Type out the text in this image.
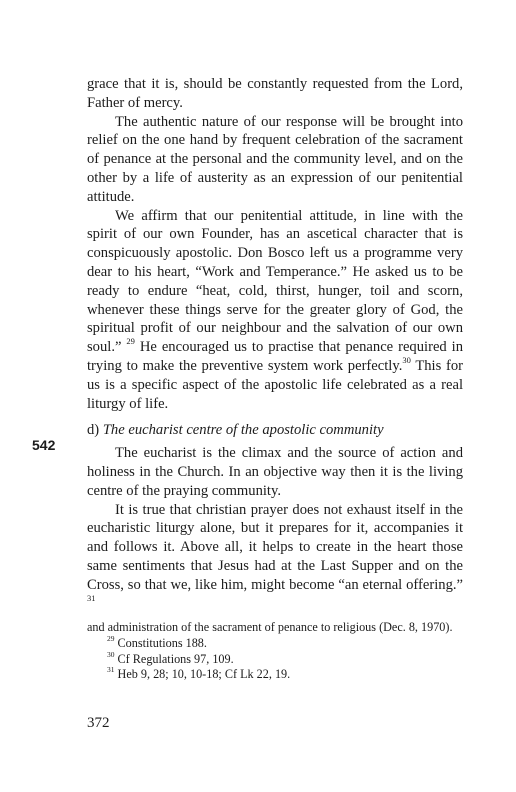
grace that it is, should be constantly requested from the Lord, Father of mercy.

The authentic nature of our response will be brought into relief on the one hand by frequent celebration of the sacrament of penance at the personal and the community level, and on the other by a life of austerity as an expression of our penitential attitude.

We affirm that our penitential attitude, in line with the spirit of our own Founder, has an ascetical character that is conspicuously apostolic. Don Bosco left us a programme very dear to his heart, “Work and Temperance.” He asked us to be ready to endure “heat, cold, thirst, hunger, toil and scorn, whenever these things serve for the greater glory of God, the spiritual profit of our neighbour and the salvation of our own soul.” $^{29}$ He encouraged us to practise that penance required in trying to make the preventive system work perfectly.$^{30}$ This for us is a specific aspect of the apostolic life celebrated as a real liturgy of life.

d) The eucharist centre of the apostolic community

The eucharist is the climax and the source of action and holiness in the Church. In an objective way then it is the living centre of the praying community.

It is true that christian prayer does not exhaust itself in the eucharistic liturgy alone, but it prepares for it, accompanies it and follows it. Above all, it helps to create in the heart those same sentiments that Jesus had at the Last Supper and on the Cross, so that we, like him, might become “an eternal offering.” $^{31}$

542

and administration of the sacrament of penance to religious (Dec. 8, 1970).

$^{29}$ Constitutions 188.

$^{30}$ Cf Regulations 97, 109.

$^{31}$ Heb 9, 28; 10, 10-18; Cf Lk 22, 19.

372
